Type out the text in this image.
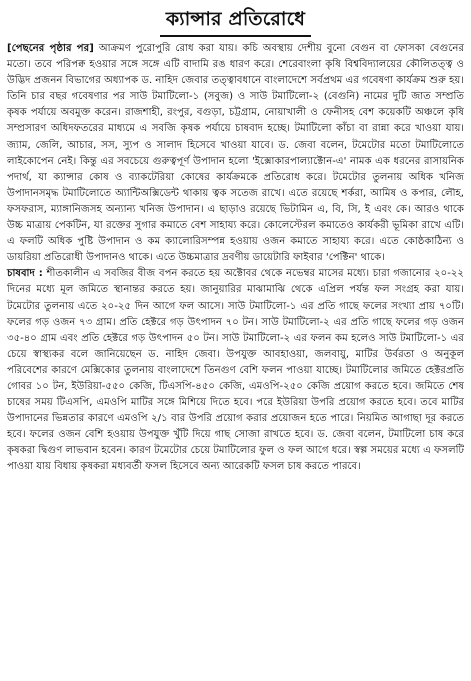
ক্যান্সার প্রতিরোধে

[পেছনের পৃষ্ঠার পর] আক্রমণ পুরোপুরি রোধ করা যায়। কচি অবস্থায় দেশীয় বুনো বেগুন বা ফোসকা বেগুনের মতো। তবে পরিপক্ব হওয়ার সঙ্গে সঙ্গে এটি বাদামি রঙ ধারণ করে। শেরেবাংলা কৃষি বিশ্ববিদ্যালয়ের কৌলিতত্ত্ব ও উদ্ভিদ প্রজনন বিভাগের অধ্যাপক ড. নাহিদ জেবার তত্ত্বাবধানে বাংলাদেশে সর্বপ্রথম এর গবেষণা কার্যক্রম শুরু হয়। তিনি চার বছর গবেষণার পর সাউ টমাটিলো-১ (সবুজ) ও সাউ টমাটিলো-২ (বেগুনি) নামের দুটি জাত সম্প্রতি কৃষক পর্যায়ে অবমুক্ত করেন। রাজশাহী, রংপুর, বগুড়া, চট্টগ্রাম, নোয়াখালী ও ফেনীসহ বেশ কয়েকটি অঞ্চলে কৃষি সম্প্রসারণ অধিদফতরের মাধ্যমে এ সবজি কৃষক পর্যায়ে চাষবাদ হচ্ছে। টমাটিলো কাঁচা বা রান্না করে খাওয়া যায়। জ্যাম, জেলি, আচার, সস, স্যুপ ও সালাদ হিসেবে খাওয়া যাবে। ড. জেবা বলেন, টমেটোর মতো টমাটিলোতে লাইকোপেন নেই। কিন্তু এর সবচেয়ে গুরুত্বপূর্ণ উপাদান হলো 'ইক্সোকারপাল্যাক্টোন-এ' নামক এক ধরনের রাসায়নিক পদার্থ, যা ক্যান্সার কোষ ও ব্যাকটেরিয়া কোষের কার্যক্রমকে প্রতিরোধ করে। টমেটোর তুলনায় অধিক খনিজ উপাদানসমৃদ্ধ টমাটিলোতে অ্যান্টিঅক্সিডেন্ট থাকায় ত্বক সতেজ রাখে। এতে রয়েছে শর্করা, আমিষ ও কপার, লৌহ, ফসফরাস, ম্যাঙ্গানিজসহ অন্যান্য খনিজ উপাদান। এ ছাড়াও রয়েছে ভিটামিন এ, বি, সি, ই এবং কে। আরও থাকে উচ্চ মাত্রায় পেকটিন, যা রক্তের সুগার কমাতে বেশ সাহায্য করে। কোলেস্টেরল কমাতেও কার্যকরী ভূমিকা রাখে এটি। এ ফলটি অধিক পুষ্টি উপাদান ও কম ক্যালোরিসম্পন্ন হওয়ায় ওজন কমাতে সাহায্য করে। এতে কোষ্ঠকাঠিন্য ও ডায়রিয়া প্রতিরোধী উপাদানও থাকে। এতে উচ্চমাত্রার দ্রবণীয় ডায়েটারি ফাইবার 'পেক্টিন' থাকে।

চাষবাদ : শীতকালীন এ সবজির বীজ বপন করতে হয় অক্টোবর থেকে নভেম্বর মাসের মধ্যে। চারা গজানোর ২০-২২ দিনের মধ্যে মূল জমিতে স্থানান্তর করতে হয়। জানুয়ারির মাঝামাঝি থেকে এপ্রিল পর্যন্ত ফল সংগ্রহ করা যায়। টমেটোর তুলনায় এতে ২০-২৫ দিন আগে ফল আসে। সাউ টমাটিলো-১ এর প্রতি গাছে ফলের সংখ্যা প্রায় ৭০টি। ফলের গড় ওজন ৭৩ গ্রাম। প্রতি হেক্টরে গড় উৎপাদন ৭০ টন। সাউ টমাটিলো-২ এর প্রতি গাছে ফলের গড় ওজন ৩৫-৪০ গ্রাম এবং প্রতি হেক্টরে গড় উৎপাদন ৫০ টন। সাউ টমাটিলো-২ এর ফলন কম হলেও সাউ টমাটিলো-১ এর চেয়ে স্বাস্থ্যকর বলে জানিয়েছেন ড. নাহিদ জেবা। উপযুক্ত আবহাওয়া, জলবায়ু, মাটির উর্বরতা ও অনুকূল পরিবেশের কারণে মেক্সিকোর তুলনায় বাংলাদেশে তিনগুণ বেশি ফলন পাওয়া যাচ্ছে। টমাটিলোর জমিতে হেক্টরপ্রতি গোবর ১০ টন, ইউরিয়া-৫৫০ কেজি, টিএসপি-৪৫০ কেজি, এমওপি-২৫০ কেজি প্রয়োগ করতে হবে। জমিতে শেষ চাষের সময় টিএসপি, এমওপি মাটির সঙ্গে মিশিয়ে দিতে হবে। পরে ইউরিয়া উপরি প্রয়োগ করতে হবে। তবে মাটির উপাদানের ভিন্নতার কারণে এমওপি ২/১ বার উপরি প্রয়োগ করার প্রয়োজন হতে পারে। নিয়মিত আগাছা দূর করতে হবে। ফলের ওজন বেশি হওয়ায় উপযুক্ত খুঁটি দিয়ে গাছ সোজা রাখতে হবে। ড. জেবা বলেন, টমাটিলো চাষ করে কৃষকরা দ্বিগুণ লাভবান হবেন। কারণ টমেটোর চেয়ে টমাটিলোর ফুল ও ফল আগে ধরে। স্বল্প সময়ের মধ্যে এ ফসলটি পাওয়া যায় বিধায় কৃষকরা মধ্যবর্তী ফসল হিসেবে অন্য আরেকটি ফসল চাষ করতে পারবে।
